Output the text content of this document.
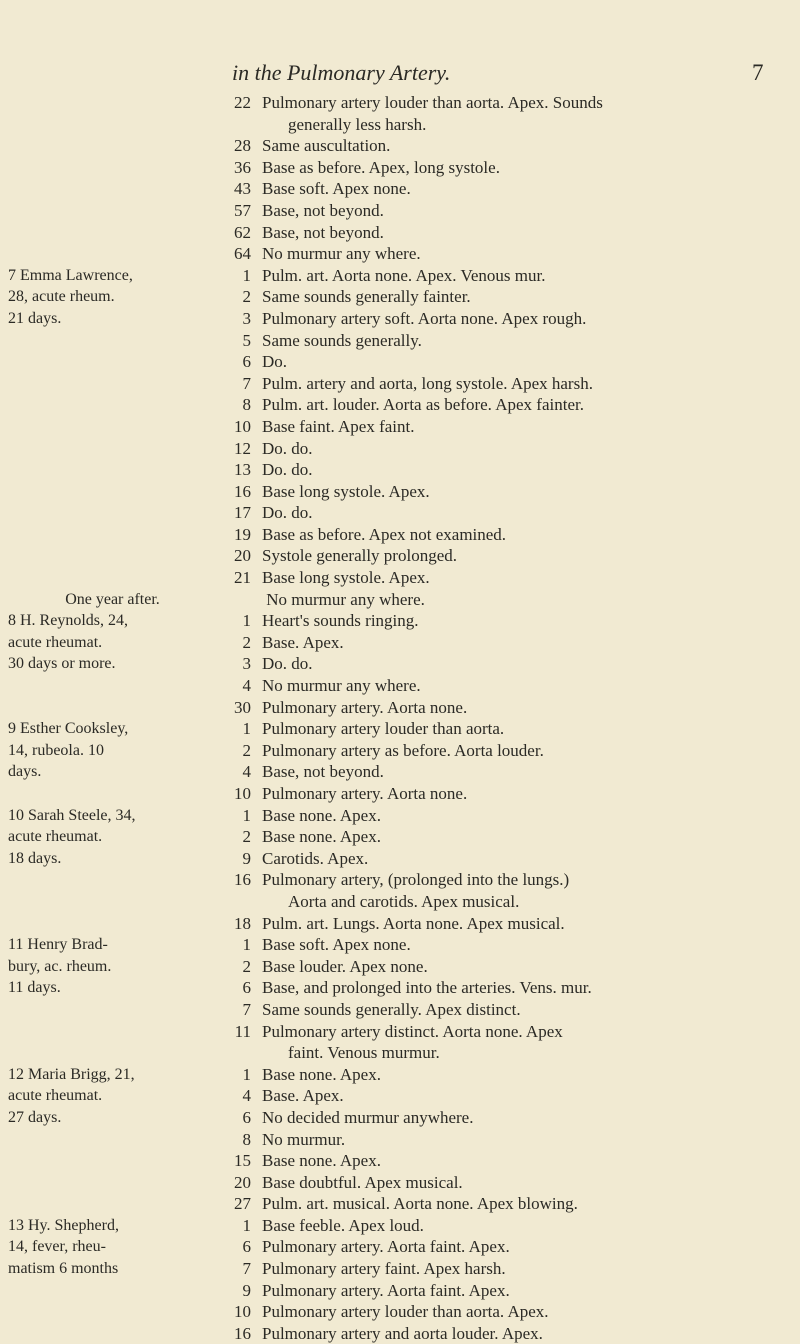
in the Pulmonary Artery.	7
22 Pulmonary artery louder than aorta. Apex. Sounds
generally less harsh.
28 Same auscultation.
36 Base as before. Apex, long systole.
43 Base soft. Apex none.
57 Base, not beyond.
62 Base, not beyond.
64 No murmur any where.
7 Emma Lawrence,
28, acute rheum.
21 days.
1 Pulm. art. Aorta none. Apex. Venous mur.
2 Same sounds generally fainter.
3 Pulmonary artery soft. Aorta none. Apex rough.
5 Same sounds generally.
6 Do.
7 Pulm. artery and aorta, long systole. Apex harsh.
8 Pulm. art. louder. Aorta as before. Apex fainter.
10 Base faint. Apex faint.
12 Do. do.
13 Do. do.
16 Base long systole. Apex.
17 Do. do.
19 Base as before. Apex not examined.
20 Systole generally prolonged.
21 Base long systole. Apex.
One year after.	No murmur any where.
8 H. Reynolds, 24,
acute rheumat.
30 days or more.
1 Heart's sounds ringing.
2 Base. Apex.
3 Do. do.
4 No murmur any where.
30 Pulmonary artery. Aorta none.
9 Esther Cooksley,
14, rubeola. 10
days.
1 Pulmonary artery louder than aorta.
2 Pulmonary artery as before. Aorta louder.
4 Base, not beyond.
10 Pulmonary artery. Aorta none.
10 Sarah Steele, 34,
acute rheumat.
18 days.
1 Base none. Apex.
2 Base none. Apex.
9 Carotids. Apex.
16 Pulmonary artery, (prolonged into the lungs.)
Aorta and carotids. Apex musical.
18 Pulm. art. Lungs. Aorta none. Apex musical.
11 Henry Brad-
bury, ac. rheum.
11 days.
1 Base soft. Apex none.
2 Base louder. Apex none.
6 Base, and prolonged into the arteries. Vens. mur.
7 Same sounds generally. Apex distinct.
11 Pulmonary artery distinct. Aorta none. Apex
faint. Venous murmur.
12 Maria Brigg, 21,
acute rheumat.
27 days.
1 Base none. Apex.
4 Base. Apex.
6 No decided murmur anywhere.
8 No murmur.
15 Base none. Apex.
20 Base doubtful. Apex musical.
27 Pulm. art. musical. Aorta none. Apex blowing.
13 Hy. Shepherd,
14, fever, rheu-
matism 6 months
1 Base feeble. Apex loud.
6 Pulmonary artery. Aorta faint. Apex.
7 Pulmonary artery faint. Apex harsh.
9 Pulmonary artery. Aorta faint. Apex.
10 Pulmonary artery louder than aorta. Apex.
16 Pulmonary artery and aorta louder. Apex.
